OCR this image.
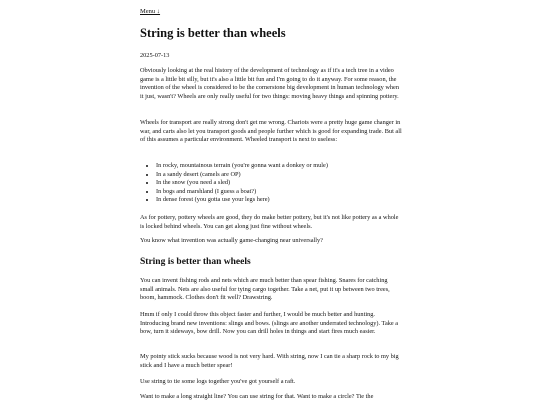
Menu ↓
String is better than wheels
2025-07-13

Obviously looking at the real history of the development of technology as if it's a tech tree in a video game is a little bit silly, but it's also a little bit fun and I'm going to do it anyway. For some reason, the invention of the wheel is considered to be the cornerstone big development in human technology when it just, wasn't? Wheels are only really useful for two things: moving heavy things and spinning pottery.

Wheels for transport are really strong don't get me wrong. Chariots were a pretty huge game changer in war, and carts also let you transport goods and people further which is good for expanding trade. But all of this assumes a particular environment. Wheeled transport is next to useless:

• In rocky, mountainous terrain (you're gonna want a donkey or mule)
• In a sandy desert (camels are OP)
• In the snow (you need a sled)
• In bogs and marshland (I guess a boat?)
• In dense forest (you gotta use your legs here)

As for pottery, pottery wheels are good, they do make better pottery, but it's not like pottery as a whole is locked behind wheels. You can get along just fine without wheels.

You know what invention was actually game-changing near universally?

String is better than wheels

You can invent fishing rods and nets which are much better than spear fishing. Snares for catching small animals. Nets are also useful for tying cargo together. Take a net, put it up between two trees, boom, hammock. Clothes don't fit well? Drawstring.

Hmm if only I could throw this object faster and further, I would be much better and hunting. Introducing brand new inventions: slings and bows. (slings are another underrated technology). Take a bow, turn it sideways, bow drill. Now you can drill holes in things and start fires much easier.

My pointy stick sucks because wood is not very hard. With string, now I can tie a sharp rock to my big stick and I have a much better spear!

Use string to tie some logs together you've got yourself a raft.

Want to make a long straight line? You can use string for that. Want to make a circle? Tie the
